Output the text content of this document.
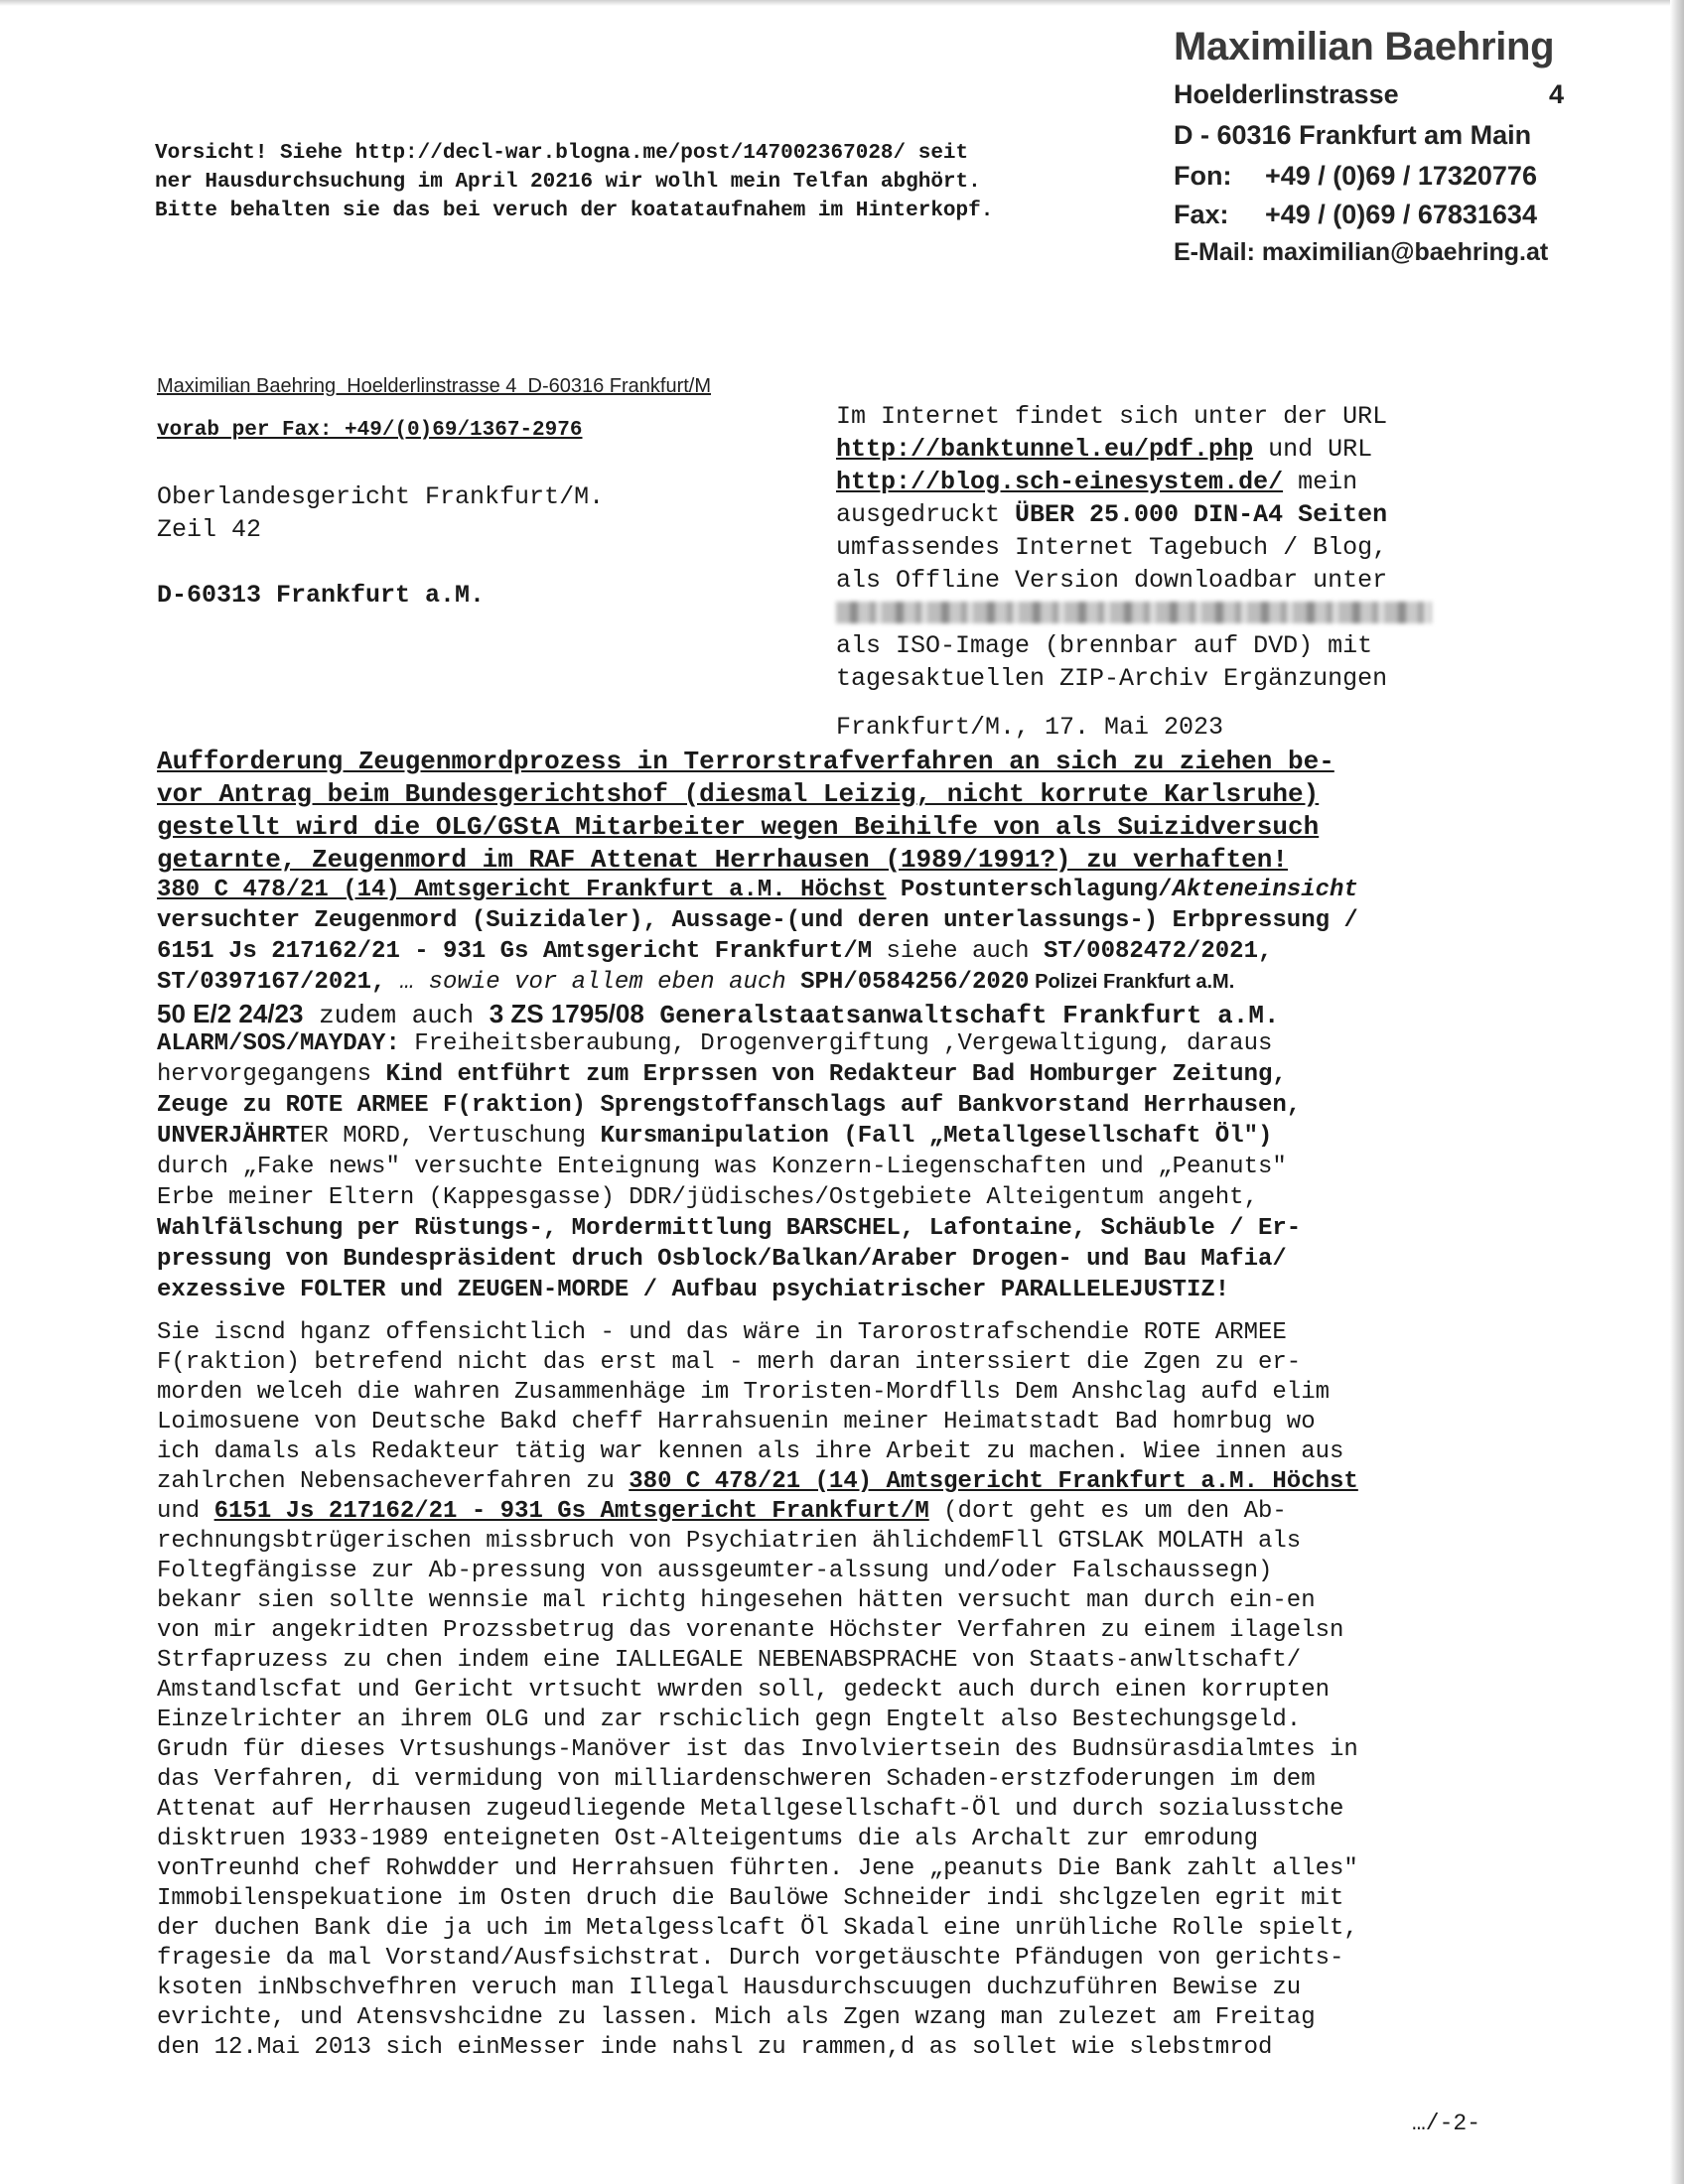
Maximilian Baehring
Hoelderlinstrasse	4
D - 60316 Frankfurt am Main
Fon: +49 / (0)69 / 17320776
Fax: +49 / (0)69 / 67831634
E-Mail: maximilian@baehring.at
Vorsicht! Siehe http://decl-war.blogna.me/post/147002367028/ seit
ner Hausdurchsuchung im April 20216 wir wolhl mein Telfan abghört.
Bitte behalten sie das bei veruch der koatataufnahem im Hinterkopf.
Maximilian Baehring  Hoelderlinstrasse 4  D-60316 Frankfurt/M
vorab per Fax: +49/(0)69/1367-2976
Oberlandesgericht Frankfurt/M.
Zeil 42
D-60313 Frankfurt a.M.
Im Internet findet sich unter der URL
http://banktunnel.eu/pdf.php und URL
http://blog.sch-einesystem.de/ mein
ausgedruckt ÜBER 25.000 DIN-A4 Seiten
umfassendes Internet Tagebuch / Blog,
als Offline Version downloadbar unter
als ISO-Image (brennbar auf DVD) mit
tagesaktuellen ZIP-Archiv Ergänzungen
Frankfurt/M., 17. Mai 2023
Aufforderung Zeugenmordprozess in Terrorstrafverfahren an sich zu ziehen be-
vor Antrag beim Bundesgerichtshof (diesmal Leizig, nicht korrute Karlsruhe)
gestellt wird die OLG/GStA Mitarbeiter wegen Beihilfe von als Suizidversuch
getarnte, Zeugenmord im RAF Attenat Herrhausen (1989/1991?) zu verhaften!
380 C 478/21 (14) Amtsgericht Frankfurt a.M. Höchst Postunterschlagung/Akteneinsicht
versuchter Zeugenmord (Suizidaler), Aussage-(und deren unterlassungs-) Erbpressung /
6151 Js 217162/21 - 931 Gs Amtsgericht Frankfurt/M siehe auch ST/0082472/2021,
ST/0397167/2021, … sowie vor allem eben auch SPH/0584256/2020 Polizei Frankfurt a.M.
50 E/2 24/23 zudem auch 3 ZS 1795/08 Generalstaatsanwaltschaft Frankfurt a.M.
ALARM/SOS/MAYDAY: Freiheitsberaubung, Drogenvergiftung ,Vergewaltigung, daraus
hervorgegangens Kind entführt zum Erprssen von Redakteur Bad Homburger Zeitung,
Zeuge zu ROTE ARMEE F(raktion) Sprengstoffanschlags auf Bankvorstand Herrhausen,
UNVERJÄHRTER MORD, Vertuschung Kursmanipulation (Fall „Metallgesellschaft Öl")
durch „Fake news" versuchte Enteignung was Konzern-Liegenschaften und „Peanuts"
Erbe meiner Eltern (Kappesgasse) DDR/jüdisches/Ostgebiete Alteigentum angeht,
Wahlfälschung per Rüstungs-, Mordermittlung BARSCHEL, Lafontaine, Schäuble / Er-
pressung von Bundespräsident druch Osblock/Balkan/Araber Drogen- und Bau Mafia/
exzessive FOLTER und ZEUGEN-MORDE / Aufbau psychiatrischer PARALLELEJUSTIZ!
Sie iscnd hganz offensichtlich - und das wäre in Tarorostrafschendie ROTE ARMEE
F(raktion) betrefend nicht das erst mal - merh daran interssiert die Zgen zu er-
morden welceh die wahren Zusammenhäge im Troristen-Mordflls Dem Anshclag aufd elim
Loimosuene von Deutsche Bakd cheff Harrahsuenin meiner Heimatstadt Bad homrbug wo
ich damals als Redakteur tätig war kennen als ihre Arbeit zu machen. Wiee innen aus
zahlrchen Nebensacheverfahren zu 380 C 478/21 (14) Amtsgericht Frankfurt a.M. Höchst
und 6151 Js 217162/21 - 931 Gs Amtsgericht Frankfurt/M (dort geht es um den Ab-
rechnungsbtrügerischen missbruch von Psychiatrien ählichdemFll GTSLAK MOLATH als
Foltegfängisse zur Ab-pressung von aussgeumter-alssung und/oder Falschaussegn)
bekanr sien sollte wennsie mal richtg hingesehen hätten versucht man durch ein-en
von mir angekridten Prozssbetrug das vorenante Höchster Verfahren zu einem ilagelsn
Strfapruzess zu chen indem eine IALLEGALE NEBENABSPRACHE von Staats-anwltschaft/
Amstandlscfat und Gericht vrtsucht wwrden soll, gedeckt auch durch einen korrupten
Einzelrichter an ihrem OLG und zar rschiclich gegn Engtelt also Bestechungsgeld.
Grudn für dieses Vrtsushungs-Manöver ist das Involviertsein des Budnsürasdialmtes in
das Verfahren, di vermidung von milliardenschweren Schaden-erstzfoderungen im dem
Attenat auf Herrhausen zugeudliegende Metallgesellschaft-Öl und durch sozialusstche
disktruen 1933-1989 enteigneten Ost-Alteigentums die als Archalt zur emrodung
vonTreunhd chef Rohwdder und Herrahsuen führten. Jene „peanuts Die Bank zahlt alles"
Immobilenspekuatione im Osten druch die Baulöwe Schneider indi shclgzelen egrit mit
der duchen Bank die ja uch im Metalgesslcaft Öl Skadal eine unrühliche Rolle spielt,
fragesie da mal Vorstand/Ausfsichstrat. Durch vorgetäuschte Pfändugen von gerichts-
ksoten inNbschvefhren veruch man Illegal Hausdurchscuugen duchzuführen Bewise zu
evrichte, und Atensvshcidne zu lassen. Mich als Zgen wzang man zulezet am Freitag
den 12.Mai 2013 sich einMesser inde nahsl zu rammen,d as sollet wie slebstmrod
…/-2-
